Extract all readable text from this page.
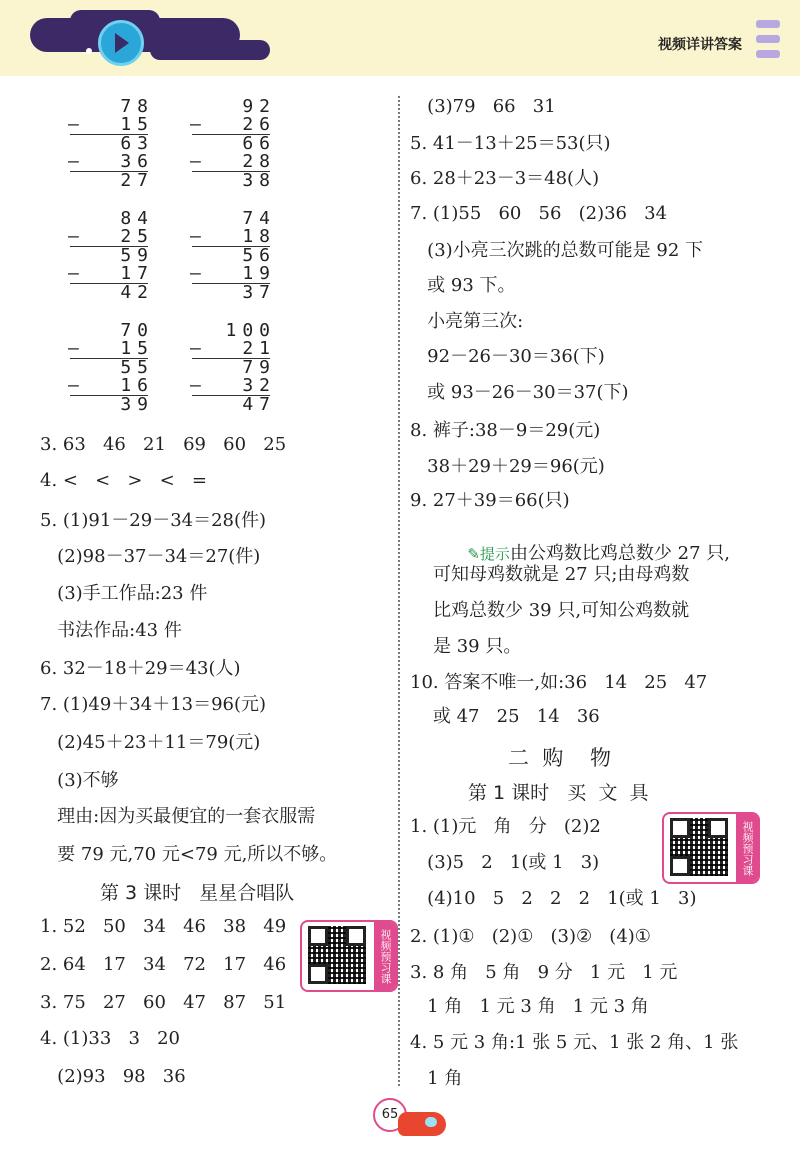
视频详讲答案
78
—	15
63
—	36
27
92
—	26
66
—	28
38
84
—	25
59
—	17
42
74
—	18
56
—	19
37
70
—	15
55
—	16
39
100
—	21
79
—	32
47
3. 63   46   21   69   60   25
4. <   <   >   <   =
5. (1)91－29－34＝28(件)
(2)98－37－34＝27(件)
(3)手工作品:23 件
书法作品:43 件
6. 32－18＋29＝43(人)
7. (1)49＋34＋13＝96(元)
(2)45＋23＋11＝79(元)
(3)不够
理由:因为买最便宜的一套衣服需
要 79 元,70 元<79 元,所以不够。
第 3 课时   星星合唱队
1. 52   50   34   46   38   49
2. 64   17   34   72   17   46
3. 75   27   60   47   87   51
4. (1)33   3   20
(2)93   98   36
视频预习课
(3)79   66   31
5. 41－13＋25＝53(只)
6. 28＋23－3＝48(人)
7. (1)55   60   56   (2)36   34
(3)小亮三次跳的总数可能是 92 下
或 93 下。
小亮第三次:
92－26－30＝36(下)
或 93－26－30＝37(下)
8. 裤子:38－9＝29(元)
38＋29＋29＝96(元)
9. 27＋39＝66(只)

✎提示由公鸡数比鸡总数少 27 只,

可知母鸡数就是 27 只;由母鸡数
比鸡总数少 39 只,可知公鸡数就
是 39 只。
10. 答案不唯一,如:36   14   25   47
或 47   25   14   36
二  购    物
第 1 课时   买  文  具
1. (1)元   角   分   (2)2
(3)5   2   1(或 1   3)
(4)10   5   2   2   2   1(或 1   3)
2. (1)①   (2)①   (3)②   (4)①
3. 8 角   5 角   9 分   1 元   1 元
1 角   1 元 3 角   1 元 3 角
4. 5 元 3 角:1 张 5 元、1 张 2 角、1 张
1 角
视频预习课
65
